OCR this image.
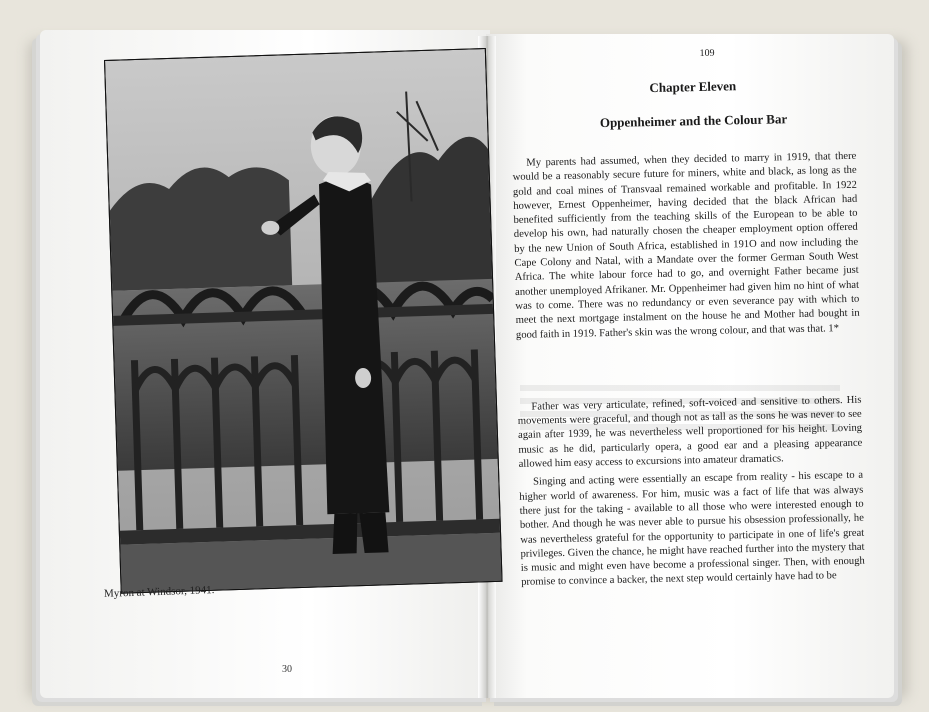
Myron at Windsor, 1941.
30
109
Chapter Eleven
Oppenheimer and the Colour Bar

My parents had assumed, when they decided to marry in 1919, that there would be a reasonably secure future for miners, white and black, as long as the gold and coal mines of Transvaal remained workable and profitable. In 1922 however, Ernest Oppenheimer, having decided that the black African had benefited sufficiently from the teaching skills of the European to be able to develop his own, had naturally chosen the cheaper employment option offered by the new Union of South Africa, established in 191O and now including the Cape Colony and Natal, with a Mandate over the former German South West Africa. The white labour force had to go, and overnight Father became just another unemployed Afrikaner. Mr. Oppenheimer had given him no hint of what was to come. There was no redundancy or even severance pay with which to meet the next mortgage instalment on the house he and Mother had bought in good faith in 1919. Father's skin was the wrong colour, and that was that. 1*

Father was very articulate, refined, soft-voiced and sensitive to others. His movements were graceful, and though not as tall as the sons he was never to see again after 1939, he was nevertheless well proportioned for his height. Loving music as he did, particularly opera, a good ear and a pleasing appearance allowed him easy access to excursions into amateur dramatics.

Singing and acting were essentially an escape from reality - his escape to a higher world of awareness. For him, music was a fact of life that was always there just for the taking - available to all those who were interested enough to bother. And though he was never able to pursue his obsession professionally, he was nevertheless grateful for the opportunity to participate in one of life's great privileges. Given the chance, he might have reached further into the mystery that is music and might even have become a professional singer. Then, with enough promise to convince a backer, the next step would certainly have had to be
